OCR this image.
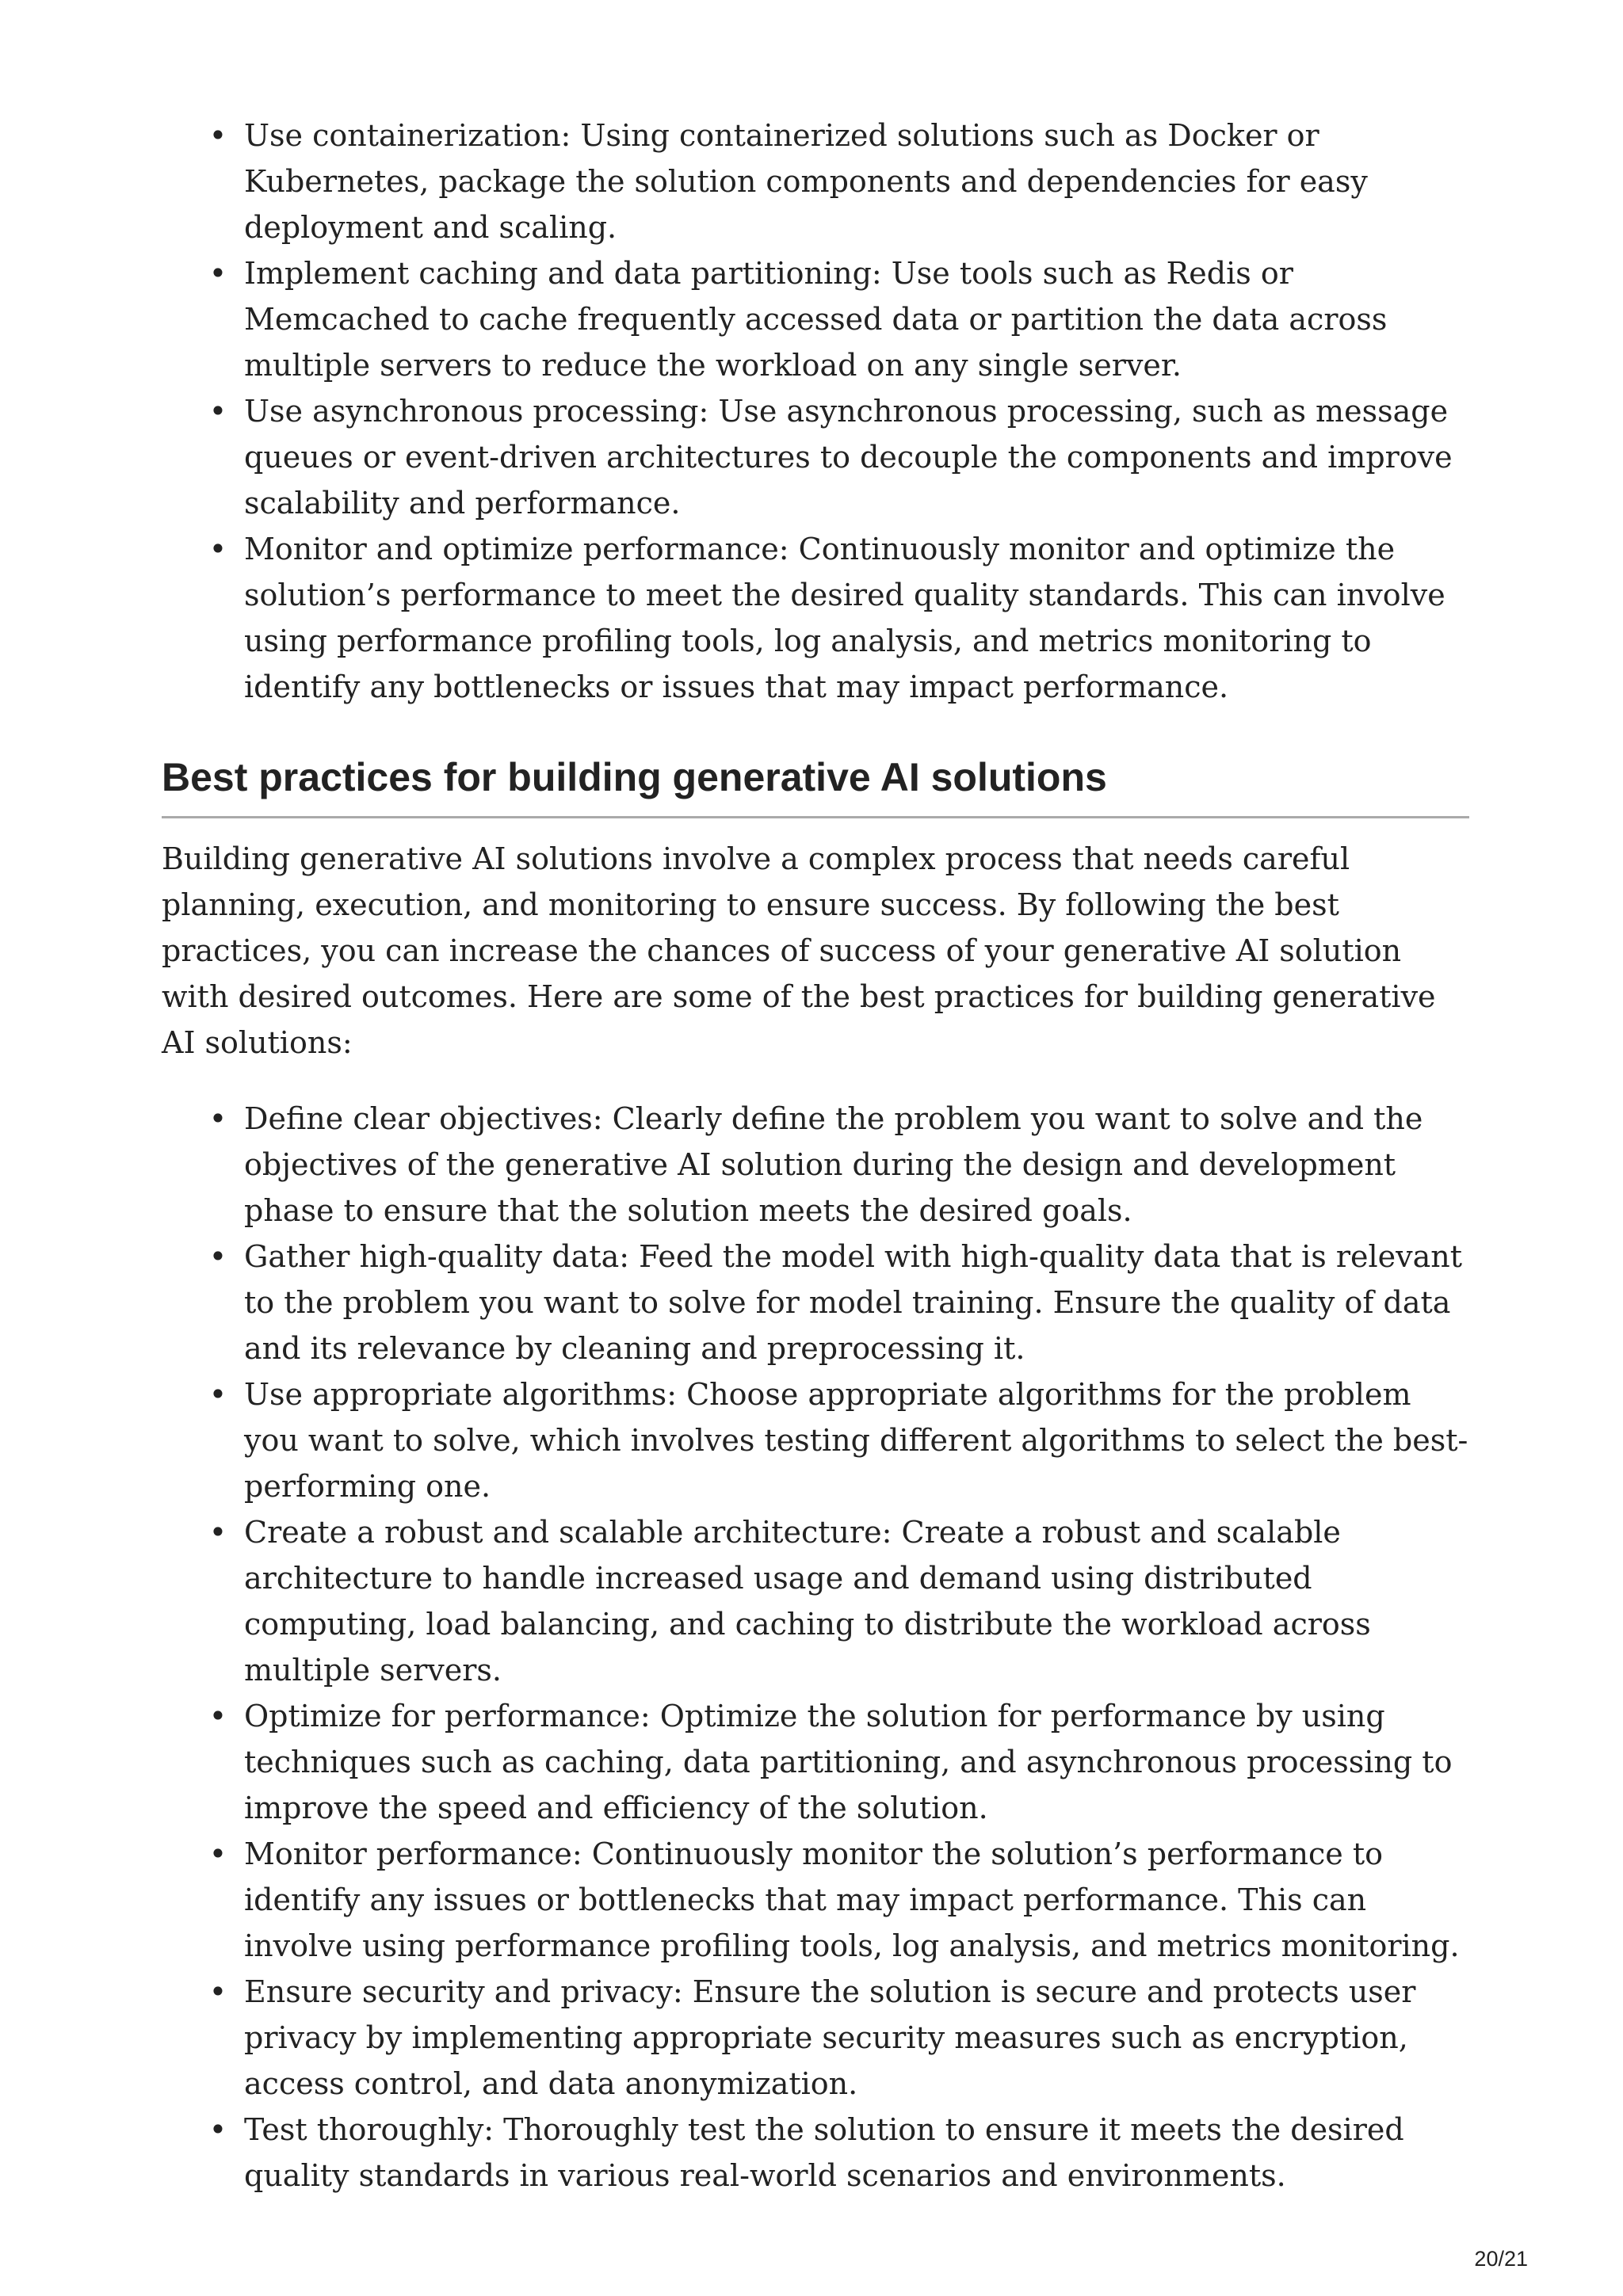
• Use containerization: Using containerized solutions such as Docker or Kubernetes, package the solution components and dependencies for easy deployment and scaling.
• Implement caching and data partitioning: Use tools such as Redis or Memcached to cache frequently accessed data or partition the data across multiple servers to reduce the workload on any single server.
• Use asynchronous processing: Use asynchronous processing, such as message queues or event-driven architectures to decouple the components and improve scalability and performance.
• Monitor and optimize performance: Continuously monitor and optimize the solution’s performance to meet the desired quality standards. This can involve using performance profiling tools, log analysis, and metrics monitoring to identify any bottlenecks or issues that may impact performance.
Best practices for building generative AI solutions

Building generative AI solutions involve a complex process that needs careful planning, execution, and monitoring to ensure success. By following the best practices, you can increase the chances of success of your generative AI solution with desired outcomes. Here are some of the best practices for building generative AI solutions:

• Define clear objectives: Clearly define the problem you want to solve and the objectives of the generative AI solution during the design and development phase to ensure that the solution meets the desired goals.
• Gather high-quality data: Feed the model with high-quality data that is relevant to the problem you want to solve for model training. Ensure the quality of data and its relevance by cleaning and preprocessing it.
• Use appropriate algorithms: Choose appropriate algorithms for the problem you want to solve, which involves testing different algorithms to select the best-performing one.
• Create a robust and scalable architecture: Create a robust and scalable architecture to handle increased usage and demand using distributed computing, load balancing, and caching to distribute the workload across multiple servers.
• Optimize for performance: Optimize the solution for performance by using techniques such as caching, data partitioning, and asynchronous processing to improve the speed and efficiency of the solution.
• Monitor performance: Continuously monitor the solution’s performance to identify any issues or bottlenecks that may impact performance. This can involve using performance profiling tools, log analysis, and metrics monitoring.
• Ensure security and privacy: Ensure the solution is secure and protects user privacy by implementing appropriate security measures such as encryption, access control, and data anonymization.
• Test thoroughly: Thoroughly test the solution to ensure it meets the desired quality standards in various real-world scenarios and environments.
20/21
